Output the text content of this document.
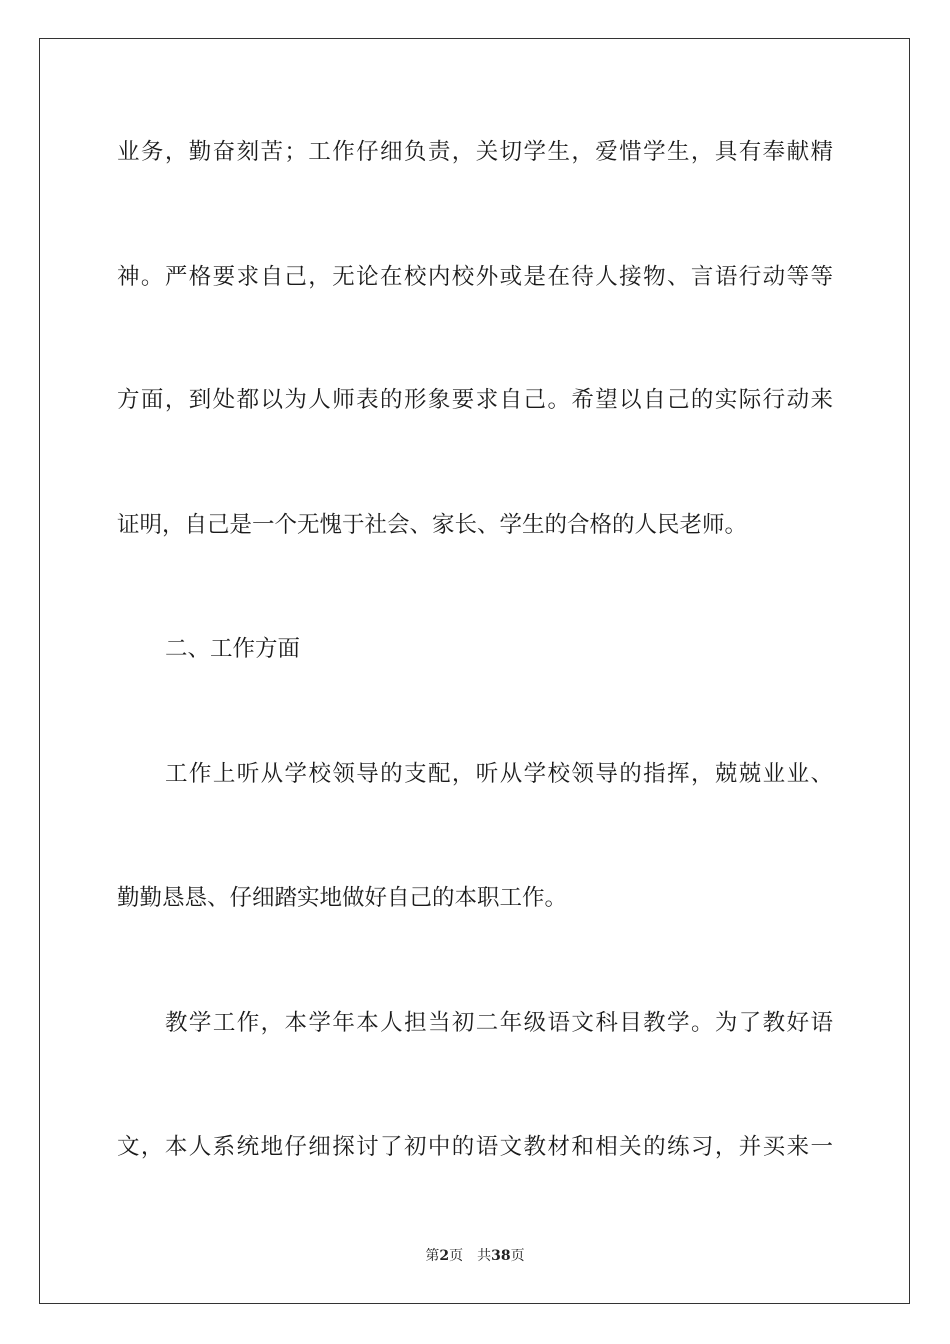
业务，勤奋刻苦；工作仔细负责，关切学生，爱惜学生，具有奉献精
神。严格要求自己，无论在校内校外或是在待人接物、言语行动等等
方面，到处都以为人师表的形象要求自己。希望以自己的实际行动来
证明，自己是一个无愧于社会、家长、学生的合格的人民老师。
二、工作方面
工作上听从学校领导的支配，听从学校领导的指挥，兢兢业业、
勤勤恳恳、仔细踏实地做好自己的本职工作。
教学工作，本学年本人担当初二年级语文科目教学。为了教好语
文，本人系统地仔细探讨了初中的语文教材和相关的练习，并买来一
第2页 共38页
